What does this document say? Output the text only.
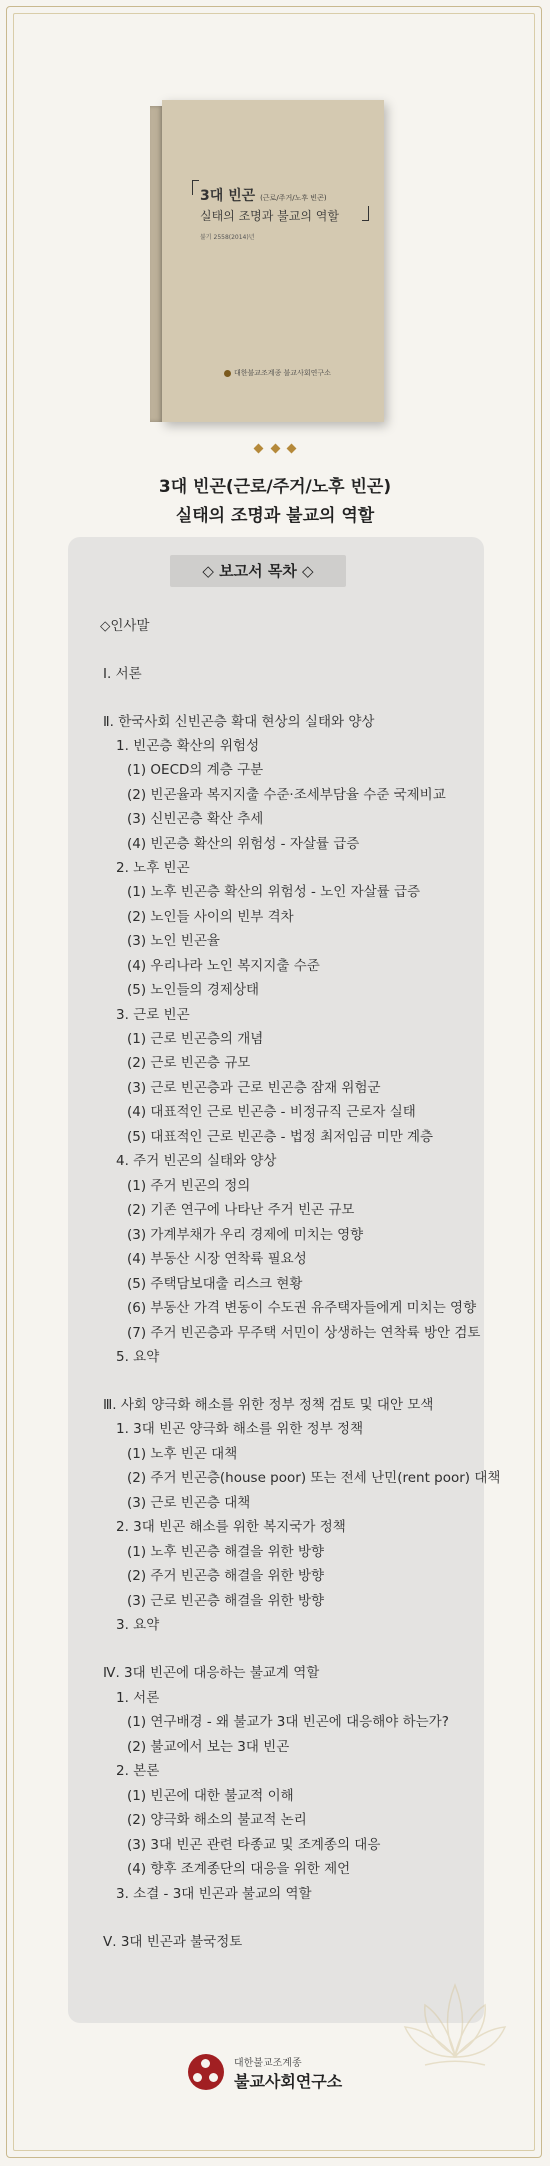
3대 빈곤 (근로/주거/노후 빈곤)
실태의 조명과 불교의 역할
불기 2558(2014)년
대한불교조계종 불교사회연구소
3대 빈곤(근로/주거/노후 빈곤)
실태의 조명과 불교의 역할
◇ 보고서 목차 ◇
◇인사말
Ⅰ. 서론
Ⅱ. 한국사회 신빈곤층 확대 현상의 실태와 양상
1. 빈곤층 확산의 위험성
(1) OECD의 계층 구분
(2) 빈곤율과 복지지출 수준·조세부담율 수준 국제비교
(3) 신빈곤층 확산 추세
(4) 빈곤층 확산의 위험성 - 자살률 급증
2. 노후 빈곤
(1) 노후 빈곤층 확산의 위험성 - 노인 자살률 급증
(2) 노인들 사이의 빈부 격차
(3) 노인 빈곤율
(4) 우리나라 노인 복지지출 수준
(5) 노인들의 경제상태
3. 근로 빈곤
(1) 근로 빈곤층의 개념
(2) 근로 빈곤층 규모
(3) 근로 빈곤층과 근로 빈곤층 잠재 위험군
(4) 대표적인 근로 빈곤층 - 비정규직 근로자 실태
(5) 대표적인 근로 빈곤층 - 법정 최저임금 미만 계층
4. 주거 빈곤의 실태와 양상
(1) 주거 빈곤의 정의
(2) 기존 연구에 나타난 주거 빈곤 규모
(3) 가계부채가 우리 경제에 미치는 영향
(4) 부동산 시장 연착륙 필요성
(5) 주택담보대출 리스크 현황
(6) 부동산 가격 변동이 수도권 유주택자들에게 미치는 영향
(7) 주거 빈곤층과 무주택 서민이 상생하는 연착륙 방안 검토
5. 요약
Ⅲ. 사회 양극화 해소를 위한 정부 정책 검토 및 대안 모색
1. 3대 빈곤 양극화 해소를 위한 정부 정책
(1) 노후 빈곤 대책
(2) 주거 빈곤층(house poor) 또는 전세 난민(rent poor) 대책
(3) 근로 빈곤층 대책
2. 3대 빈곤 해소를 위한 복지국가 정책
(1) 노후 빈곤층 해결을 위한 방향
(2) 주거 빈곤층 해결을 위한 방향
(3) 근로 빈곤층 해결을 위한 방향
3. 요약
Ⅳ. 3대 빈곤에 대응하는 불교계 역할
1. 서론
(1) 연구배경 - 왜 불교가 3대 빈곤에 대응해야 하는가?
(2) 불교에서 보는 3대 빈곤
2. 본론
(1) 빈곤에 대한 불교적 이해
(2) 양극화 해소의 불교적 논리
(3) 3대 빈곤 관련 타종교 및 조계종의 대응
(4) 향후 조계종단의 대응을 위한 제언
3. 소결 - 3대 빈곤과 불교의 역할
Ⅴ. 3대 빈곤과 불국정토
대한불교조계종
불교사회연구소
